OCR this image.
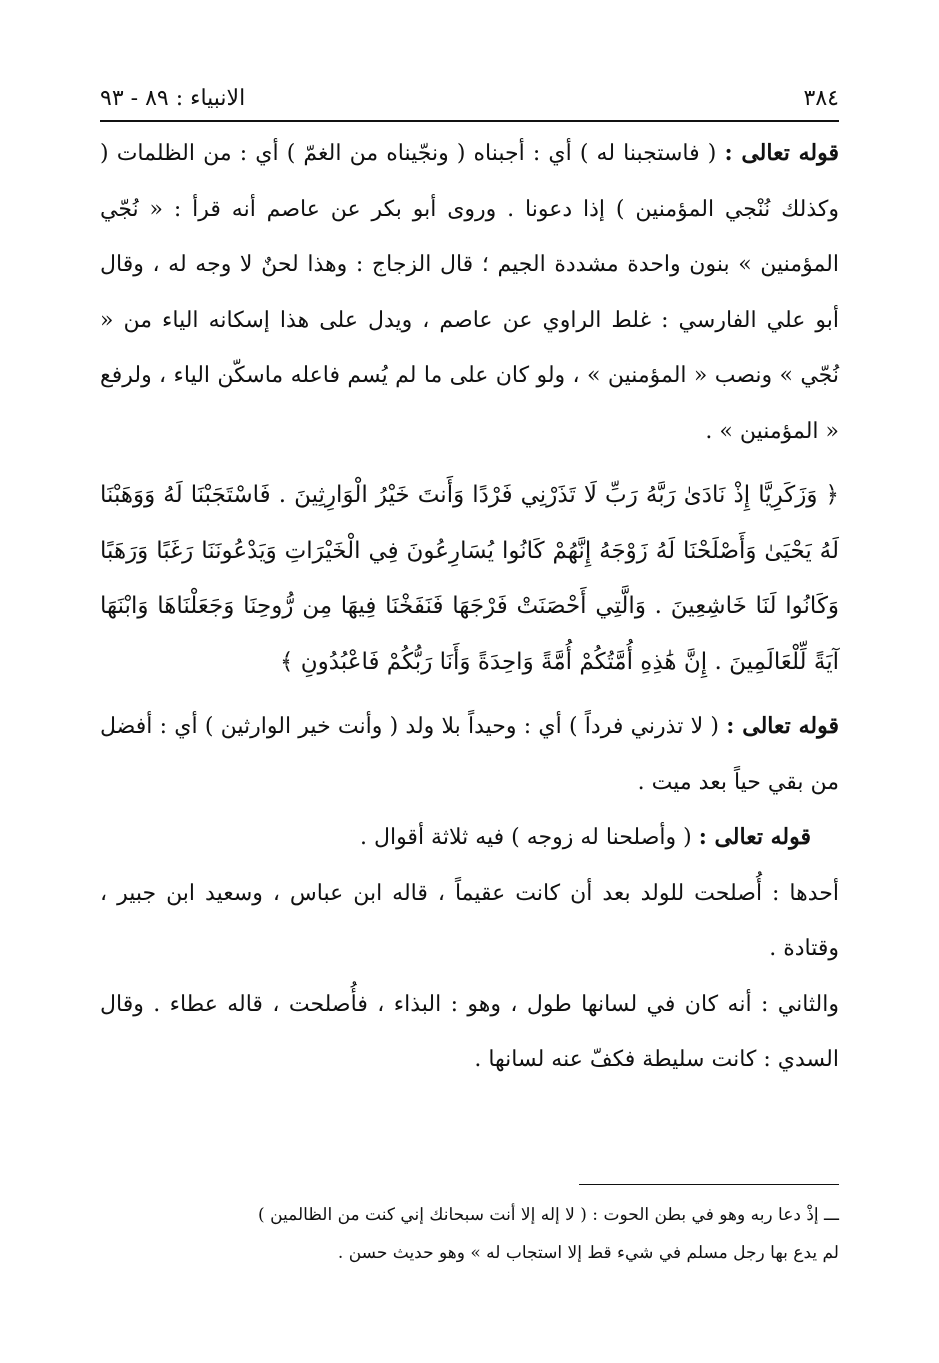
٣٨٤
الانبياء : ٨٩ - ٩٣

قوله تعالى : ( فاستجبنا له ) أي : أجبناه ( ونجّيناه من الغمّ ) أي : من الظلمات ( وكذلك نُنْجي المؤمنين ) إذا دعونا . وروى أبو بكر عن عاصم أنه قرأ : « نُجّي المؤمنين » بنون واحدة مشددة الجيم ؛ قال الزجاج : وهذا لحنٌ لا وجه له ، وقال أبو علي الفارسي : غلط الراوي عن عاصم ، ويدل على هذا إسكانه الياء من « نُجّي » ونصب « المؤمنين » ، ولو كان على ما لم يُسم فاعله ماسكّن الياء ، ولرفع « المؤمنين » .

﴿ وَزَكَرِيَّا إِذْ نَادَىٰ رَبَّهُ رَبِّ لَا تَذَرْنِي فَرْدًا وَأَنتَ خَيْرُ الْوَارِثِينَ . فَاسْتَجَبْنَا لَهُ وَوَهَبْنَا لَهُ يَحْيَىٰ وَأَصْلَحْنَا لَهُ زَوْجَهُ إِنَّهُمْ كَانُوا يُسَارِعُونَ فِي الْخَيْرَاتِ وَيَدْعُونَنَا رَغَبًا وَرَهَبًا وَكَانُوا لَنَا خَاشِعِينَ . وَالَّتِي أَحْصَنَتْ فَرْجَهَا فَنَفَخْنَا فِيهَا مِن رُّوحِنَا وَجَعَلْنَاهَا وَابْنَهَا آيَةً لِّلْعَالَمِينَ . إِنَّ هَٰذِهِ أُمَّتُكُمْ أُمَّةً وَاحِدَةً وَأَنَا رَبُّكُمْ فَاعْبُدُونِ ﴾

قوله تعالى : ( لا تذرني فرداً ) أي : وحيداً بلا ولد ( وأنت خير الوارثين ) أي : أفضل من بقي حياً بعد ميت .

قوله تعالى : ( وأصلحنا له زوجه ) فيه ثلاثة أقوال .

أحدها : أُصلحت للولد بعد أن كانت عقيماً ، قاله ابن عباس ، وسعيد ابن جبير ، وقتادة .

والثاني : أنه كان في لسانها طول ، وهو : البذاء ، فأُصلحت ، قاله عطاء . وقال السدي : كانت سليطة فكفّ عنه لسانها .

ـــ إذْ دعا ربه وهو في بطن الحوت : ( لا إله إلا أنت سبحانك إني كنت من الظالمين )

لم يدع بها رجل مسلم في شيء قط إلا استجاب له » وهو حديث حسن .
